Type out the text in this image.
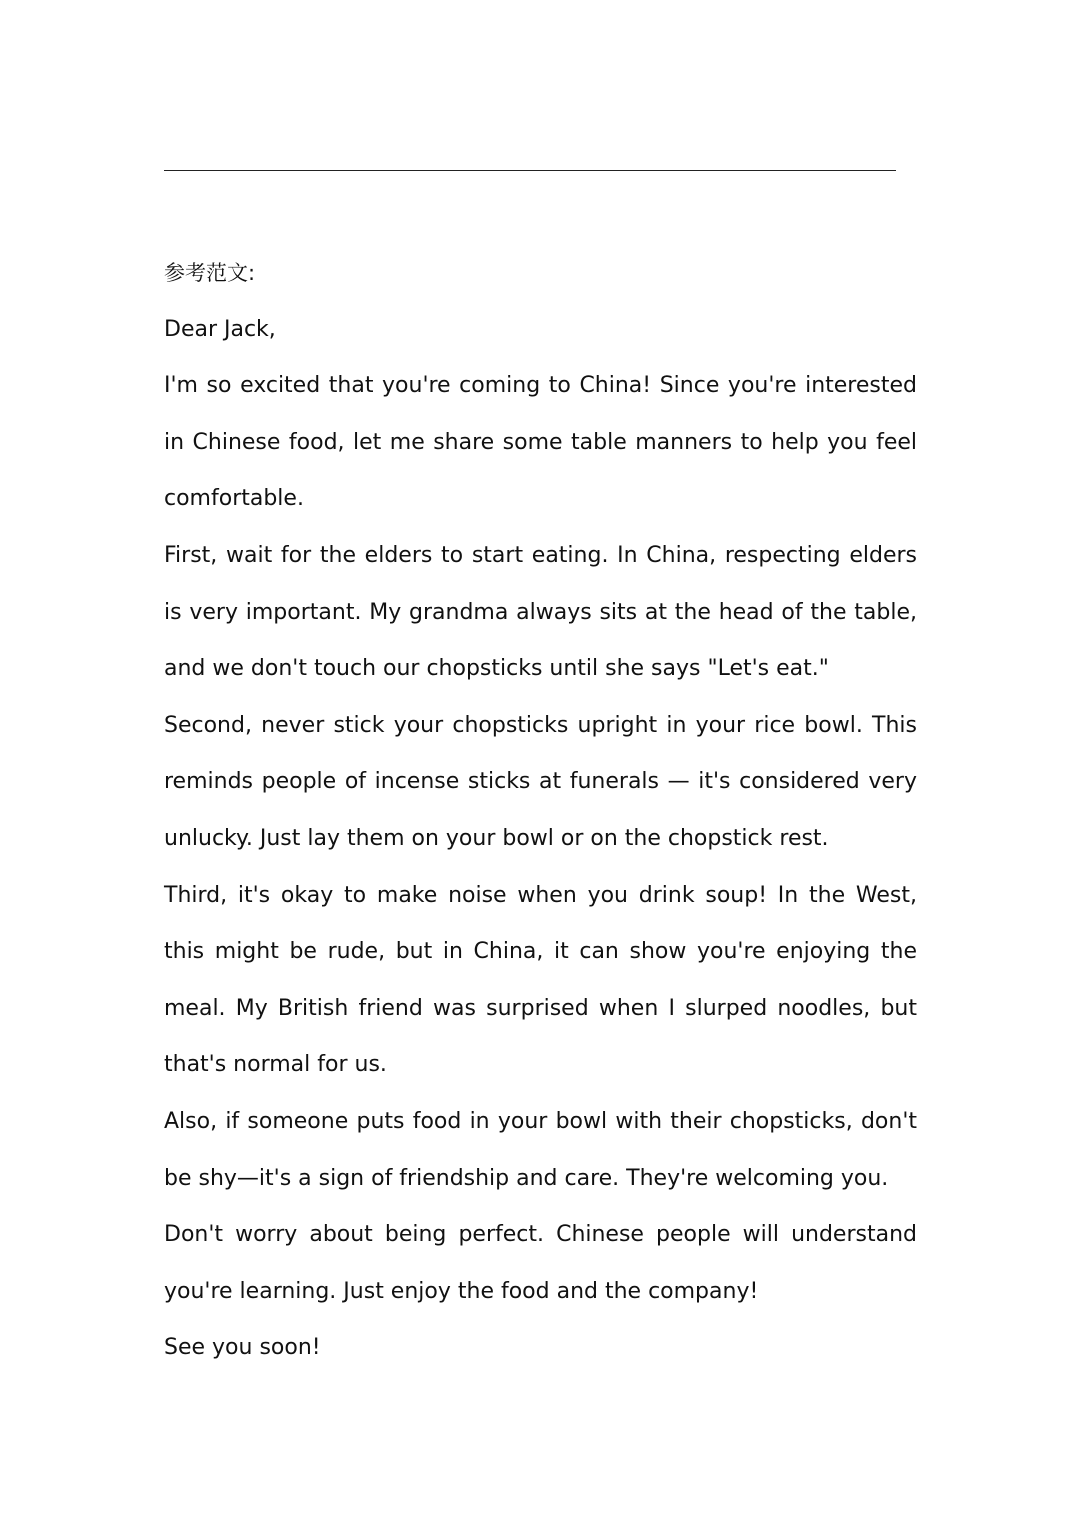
参考范文:

Dear Jack,

I'm so excited that you're coming to China! Since you're interested in Chinese food, let me share some table manners to help you feel comfortable.

First, wait for the elders to start eating. In China, respecting elders is very important. My grandma always sits at the head of the table, and we don't touch our chopsticks until she says "Let's eat."

Second, never stick your chopsticks upright in your rice bowl. This reminds people of incense sticks at funerals — it's considered very unlucky. Just lay them on your bowl or on the chopstick rest.

Third, it's okay to make noise when you drink soup! In the West, this might be rude, but in China, it can show you're enjoying the meal. My British friend was surprised when I slurped noodles, but that's normal for us.

Also, if someone puts food in your bowl with their chopsticks, don't be shy—it's a sign of friendship and care. They're welcoming you.

Don't worry about being perfect. Chinese people will understand you're learning. Just enjoy the food and the company!

See you soon!
